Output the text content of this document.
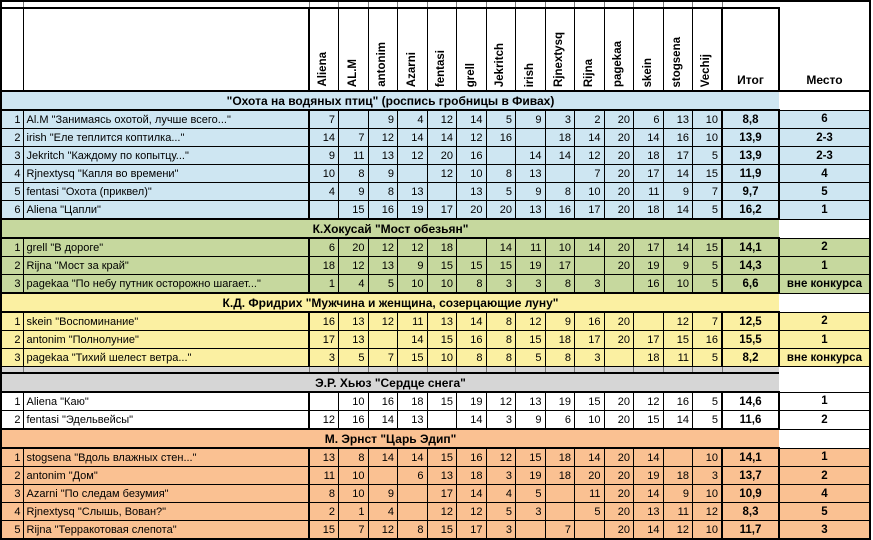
		Aliena	AL.M	antonim	Azarni	fentasi	grell	Jekritch	irish	Rjnextysq	Rijna	pagekaa	skein	stogsena	Vechij	Итог	Место
"Охота на водяных птиц" (роспись гробницы в Фивах)																	
1	Al.M "Занимаясь охотой, лучше всего..."	7		9	4	12	14	5	9	3	2	20	6	13	10	8,8	6
2	irish "Еле теплится коптилка..."	14	7	12	14	14	12	16		18	14	20	14	16	10	13,9	2-3
3	Jekritch "Каждому по копытцу..."	9	11	13	12	20	16		14	14	12	20	18	17	5	13,9	2-3
4	Rjnextysq "Капля во времени"	10	8	9		12	10	8	13		7	20	17	14	15	11,9	4
5	fentasi "Охота (приквел)"	4	9	8	13		13	5	9	8	10	20	11	9	7	9,7	5
6	Aliena "Цапли"		15	16	19	17	20	20	13	16	17	20	18	14	5	16,2	1
К.Хокусай "Мост обезьян"																	
1	grell "В дороге"	6	20	12	12	18		14	11	10	14	20	17	14	15	14,1	2
2	Rijna "Мост за край"	18	12	13	9	15	15	15	19	17		20	19	9	5	14,3	1
3	pagekaa "По небу путник осторожно шагает..."	1	4	5	10	10	8	3	3	8	3		16	10	5	6,6	вне конкурса
К.Д. Фридрих "Мужчина и женщина, созерцающие луну"																	
1	skein "Воспоминание"	16	13	12	11	13	14	8	12	9	16	20		12	7	12,5	2
2	antonim "Полнолуние"	17	13		14	15	16	8	15	18	17	20	17	15	16	15,5	1
3	pagekaa "Тихий шелест ветра..."	3	5	7	15	10	8	8	5	8	3		18	11	5	8,2	вне конкурса

Э.Р. Хьюз "Сердце снега"																	
1	Aliena "Каю"		10	16	18	15	19	12	13	19	15	20	12	16	5	14,6	1
2	fentasi "Эдельвейсы"	12	16	14	13		14	3	9	6	10	20	15	14	5	11,6	2
М. Эрнст "Царь Эдип"																	
1	stogsena "Вдоль влажных стен..."	13	8	14	14	15	16	12	15	18	14	20	14		10	14,1	1
2	antonim "Дом"	11	10		6	13	18	3	19	18	20	20	19	18	3	13,7	2
3	Azarni "По следам безумия"	8	10	9		17	14	4	5		11	20	14	9	10	10,9	4
4	Rjnextysq "Слышь, Вован?"	2	1	4		12	12	5	3		5	20	13	11	12	8,3	5
5	Rijna "Терракотовая слепота"	15	7	12	8	15	17	3		7		20	14	12	10	11,7	3
